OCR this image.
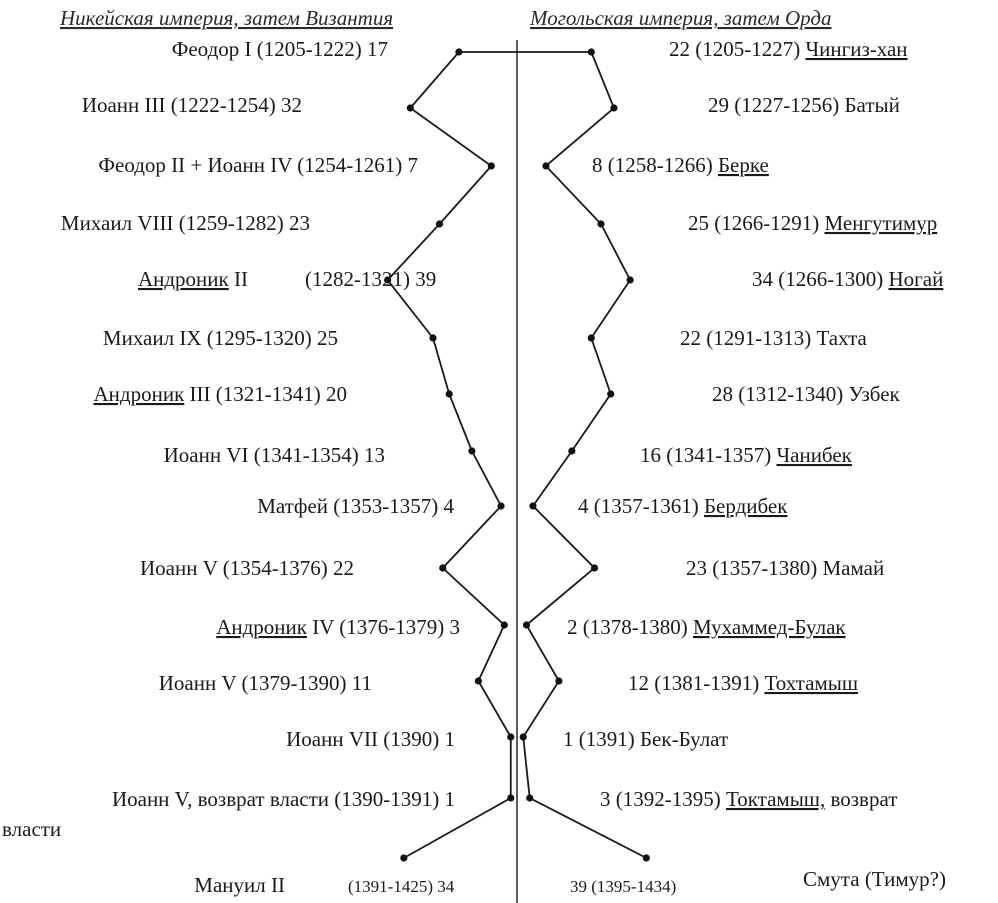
Никейская империя, затем Византия	Могольская империя, затем Орда
Феодор I (1205-1222) 17
Иоанн III (1222-1254) 32
Феодор II + Иоанн IV (1254-1261) 7
Михаил VIII (1259-1282) 23
Андроник II	(1282-1321) 39
Михаил IX (1295-1320) 25
Андроник III (1321-1341) 20
Иоанн VI (1341-1354) 13
Матфей (1353-1357) 4
Иоанн V (1354-1376) 22
Андроник IV (1376-1379) 3
Иоанн V (1379-1390) 11
Иоанн VII (1390) 1
Иоанн V, возврат власти (1390-1391) 1
власти
Мануил II	(1391-1425) 34
22 (1205-1227) Чингиз-хан
29 (1227-1256) Батый
8 (1258-1266) Берке
25 (1266-1291) Менгутимур
34 (1266-1300) Ногай
22 (1291-1313) Тахта
28 (1312-1340) Узбек
16 (1341-1357) Чанибек
4 (1357-1361) Бердибек
23 (1357-1380) Мамай
2 (1378-1380) Мухаммед-Булак
12 (1381-1391) Тохтамыш
1 (1391) Бек-Булат
3 (1392-1395) Токтамыш, возврат
39 (1395-1434)	Смута (Тимур?)
